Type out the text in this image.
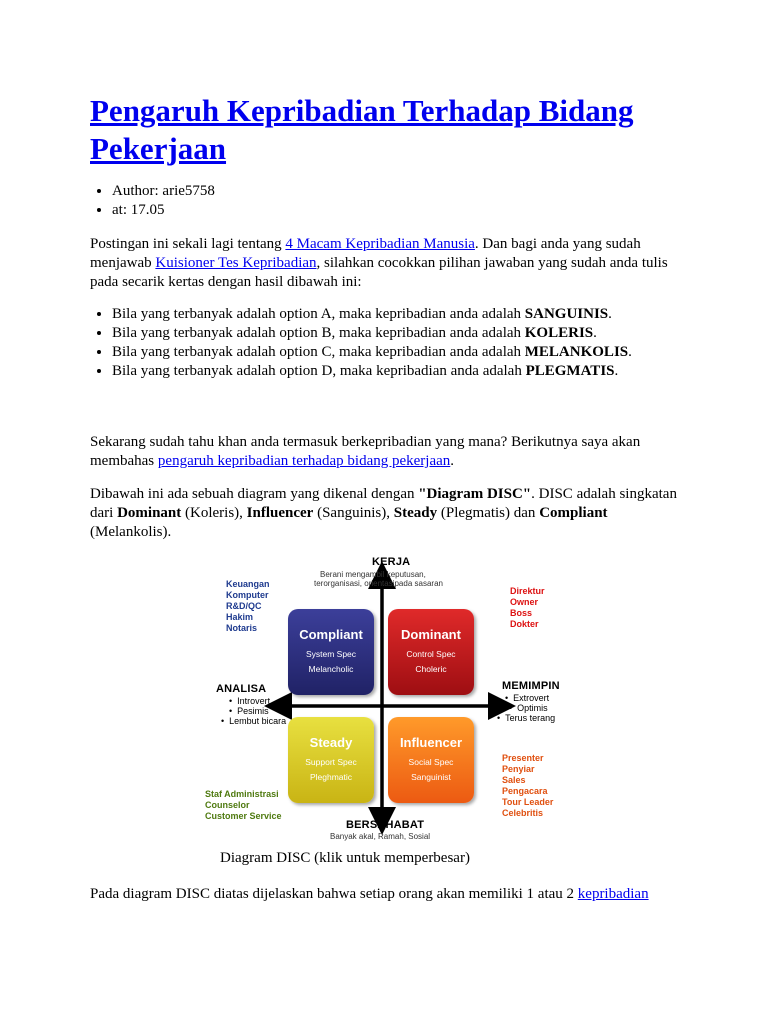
Pengaruh Kepribadian Terhadap Bidang Pekerjaan
• Author: arie5758
• at: 17.05

Postingan ini sekali lagi tentang 4 Macam Kepribadian Manusia. Dan bagi anda yang sudah menjawab Kuisioner Tes Kepribadian, silahkan cocokkan pilihan jawaban yang sudah anda tulis pada secarik kertas dengan hasil dibawah ini:

• Bila yang terbanyak adalah option A, maka kepribadian anda adalah SANGUINIS.
• Bila yang terbanyak adalah option B, maka kepribadian anda adalah KOLERIS.
• Bila yang terbanyak adalah option C, maka kepribadian anda adalah MELANKOLIS.
• Bila yang terbanyak adalah option D, maka kepribadian anda adalah PLEGMATIS.

Sekarang sudah tahu khan anda termasuk berkepribadian yang mana? Berikutnya saya akan membahas pengaruh kepribadian terhadap bidang pekerjaan.

Dibawah ini ada sebuah diagram yang dikenal dengan "Diagram DISC". DISC adalah singkatan dari Dominant (Koleris), Influencer (Sanguinis), Steady (Plegmatis) dan Compliant (Melankolis).

Diagram DISC (klik untuk memperbesar)

Pada diagram DISC diatas dijelaskan bahwa setiap orang akan memiliki 1 atau 2 kepribadian

KERJA
Berani mengambil keputusan,
terorganisasi, orientasipada sasaran
BERSAHABAT
Banyak akal, Ramah, Sosial
ANALISA
•  Introvert
•  Pesimis
•  Lembut bicara
MEMIMPIN
•  Extrovert
•  Optimis
•  Terus terang
Keuangan
Komputer
R&D/QC
Hakim
Notaris
Direktur
Owner
Boss
Dokter
Staf Administrasi
Counselor
Customer Service
Presenter
Penyiar
Sales
Pengacara
Tour Leader
Celebritis
Compliant
System Spec
Melancholic
Dominant
Control Spec
Choleric
Steady
Support Spec
Pleghmatic
Influencer
Social Spec
Sanguinist
